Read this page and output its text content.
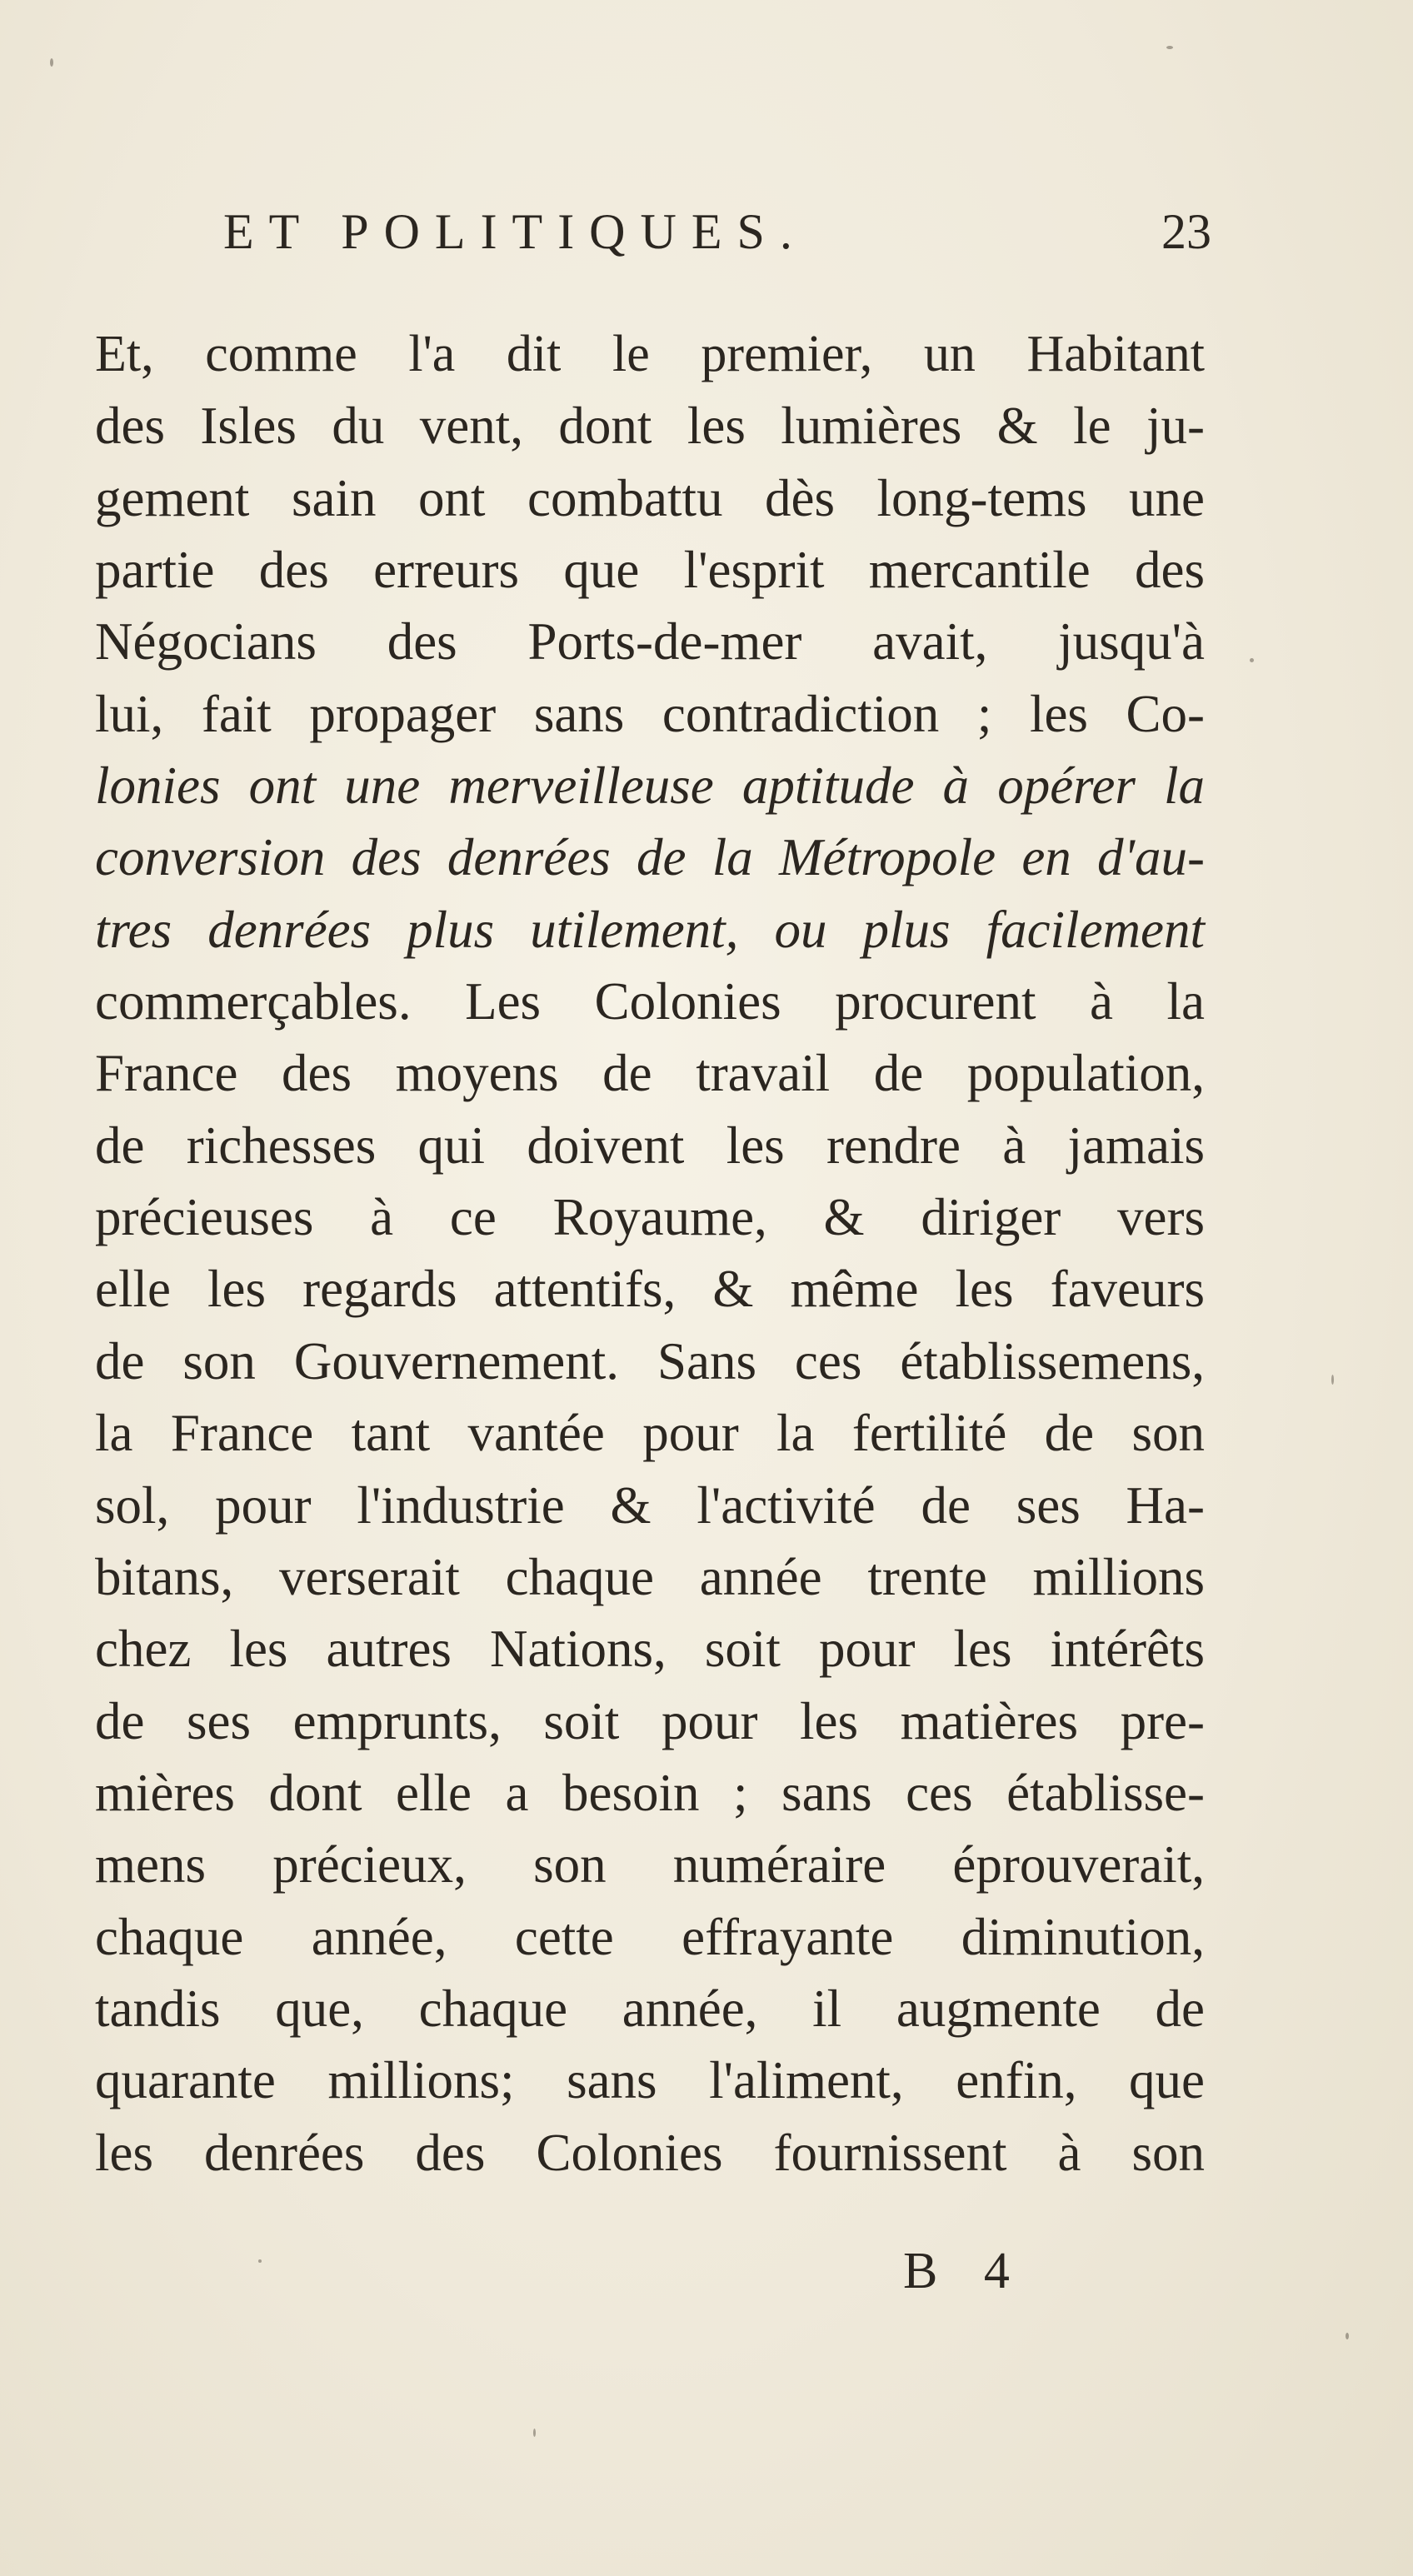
ET POLITIQUES.	23
Et, comme l'a dit le premier, un Habitant
des Isles du vent, dont les lumières & le ju-
gement sain ont combattu dès long-tems une
partie des erreurs que l'esprit mercantile des
Négocians des Ports-de-mer avait, jusqu'à
lui, fait propager sans contradiction ; les Co-
lonies ont une merveilleuse aptitude à opérer la
conversion des denrées de la Métropole en d'au-
tres denrées plus utilement, ou plus facilement
commerçables. Les Colonies procurent à la
France des moyens de travail de population,
de richesses qui doivent les rendre à jamais
précieuses à ce Royaume, & diriger vers
elle les regards attentifs, & même les faveurs
de son Gouvernement. Sans ces établissemens,
la France tant vantée pour la fertilité de son
sol, pour l'industrie & l'activité de ses Ha-
bitans, verserait chaque année trente millions
chez les autres Nations, soit pour les intérêts
de ses emprunts, soit pour les matières pre-
mières dont elle a besoin ; sans ces établisse-
mens précieux, son numéraire éprouverait,
chaque année, cette effrayante diminution,
tandis que, chaque année, il augmente de
quarante millions; sans l'aliment, enfin, que
les denrées des Colonies fournissent à son
B 4
